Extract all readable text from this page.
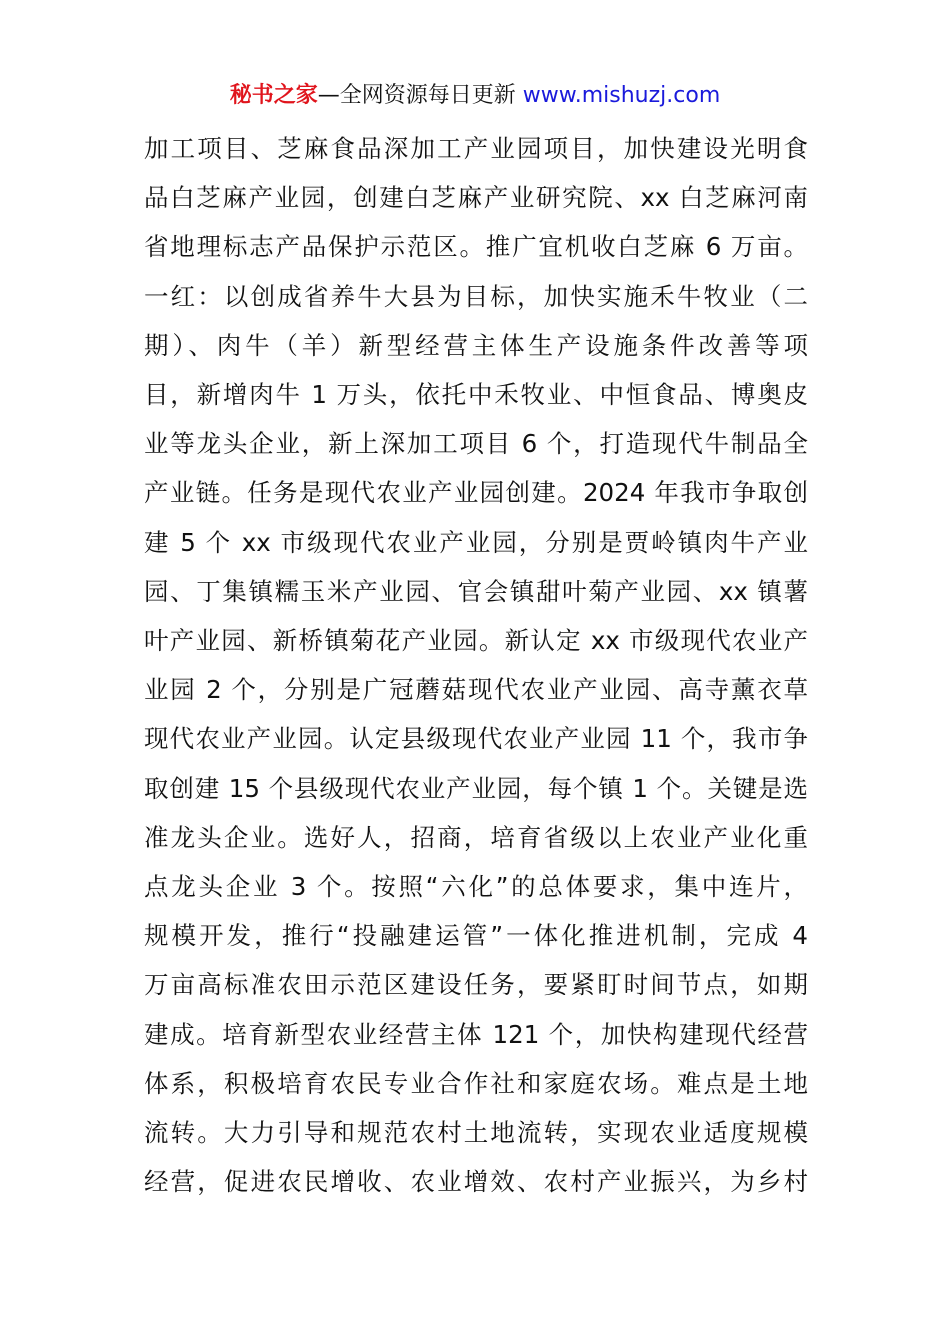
秘书之家—全网资源每日更新 www.mishuzj.com
加工项目、芝麻食品深加工产业园项目，加快建设光明食
品白芝麻产业园，创建白芝麻产业研究院、xx 白芝麻河南
省地理标志产品保护示范区。推广宜机收白芝麻 6 万亩。
一红：以创成省养牛大县为目标，加快实施禾牛牧业（二
期）、肉牛（羊）新型经营主体生产设施条件改善等项
目，新增肉牛 1 万头，依托中禾牧业、中恒食品、博奥皮
业等龙头企业，新上深加工项目 6 个，打造现代牛制品全
产业链。任务是现代农业产业园创建。2024 年我市争取创
建 5 个 xx 市级现代农业产业园，分别是贾岭镇肉牛产业
园、丁集镇糯玉米产业园、官会镇甜叶菊产业园、xx 镇薯
叶产业园、新桥镇菊花产业园。新认定 xx 市级现代农业产
业园 2 个，分别是广冠蘑菇现代农业产业园、高寺薰衣草
现代农业产业园。认定县级现代农业产业园 11 个，我市争
取创建 15 个县级现代农业产业园，每个镇 1 个。关键是选
准龙头企业。选好人，招商，培育省级以上农业产业化重
点龙头企业 3 个。按照“六化”的总体要求，集中连片，
规模开发，推行“投融建运管”一体化推进机制，完成 4
万亩高标准农田示范区建设任务，要紧盯时间节点，如期
建成。培育新型农业经营主体 121 个，加快构建现代经营
体系，积极培育农民专业合作社和家庭农场。难点是土地
流转。大力引导和规范农村土地流转，实现农业适度规模
经营，促进农民增收、农业增效、农村产业振兴，为乡村
